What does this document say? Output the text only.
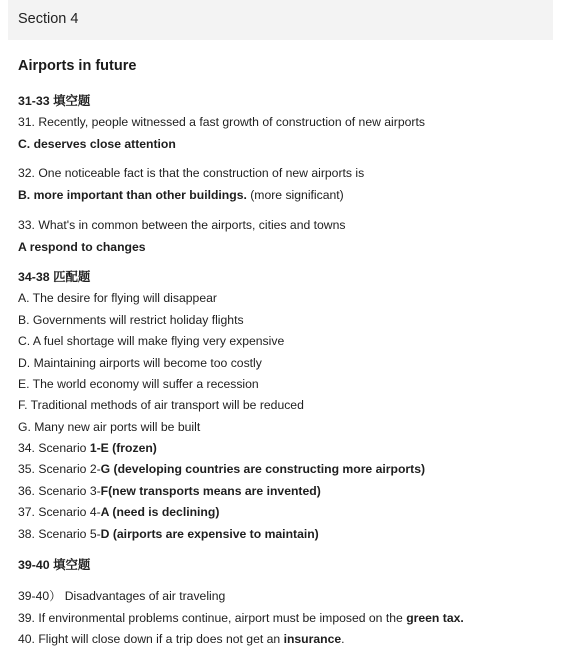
Section 4
Airports in future
31-33 填空题
31. Recently, people witnessed a fast growth of construction of new airports
C. deserves close attention
32. One noticeable fact is that the construction of new airports is
B. more important than other buildings. (more significant)
33. What's in common between the airports, cities and towns
A respond to changes
34-38 匹配题
A. The desire for flying will disappear
B. Governments will restrict holiday flights
C. A fuel shortage will make flying very expensive
D. Maintaining airports will become too costly
E. The world economy will suffer a recession
F. Traditional methods of air transport will be reduced
G. Many new air ports will be built
34. Scenario 1-E (frozen)
35. Scenario 2-G (developing countries are constructing more airports)
36. Scenario 3-F(new transports means are invented)
37. Scenario 4-A (need is declining)
38. Scenario 5-D (airports are expensive to maintain)
39-40 填空题
39-40） Disadvantages of air traveling
39. If environmental problems continue, airport must be imposed on the green tax.
40. Flight will close down if a trip does not get an insurance.
